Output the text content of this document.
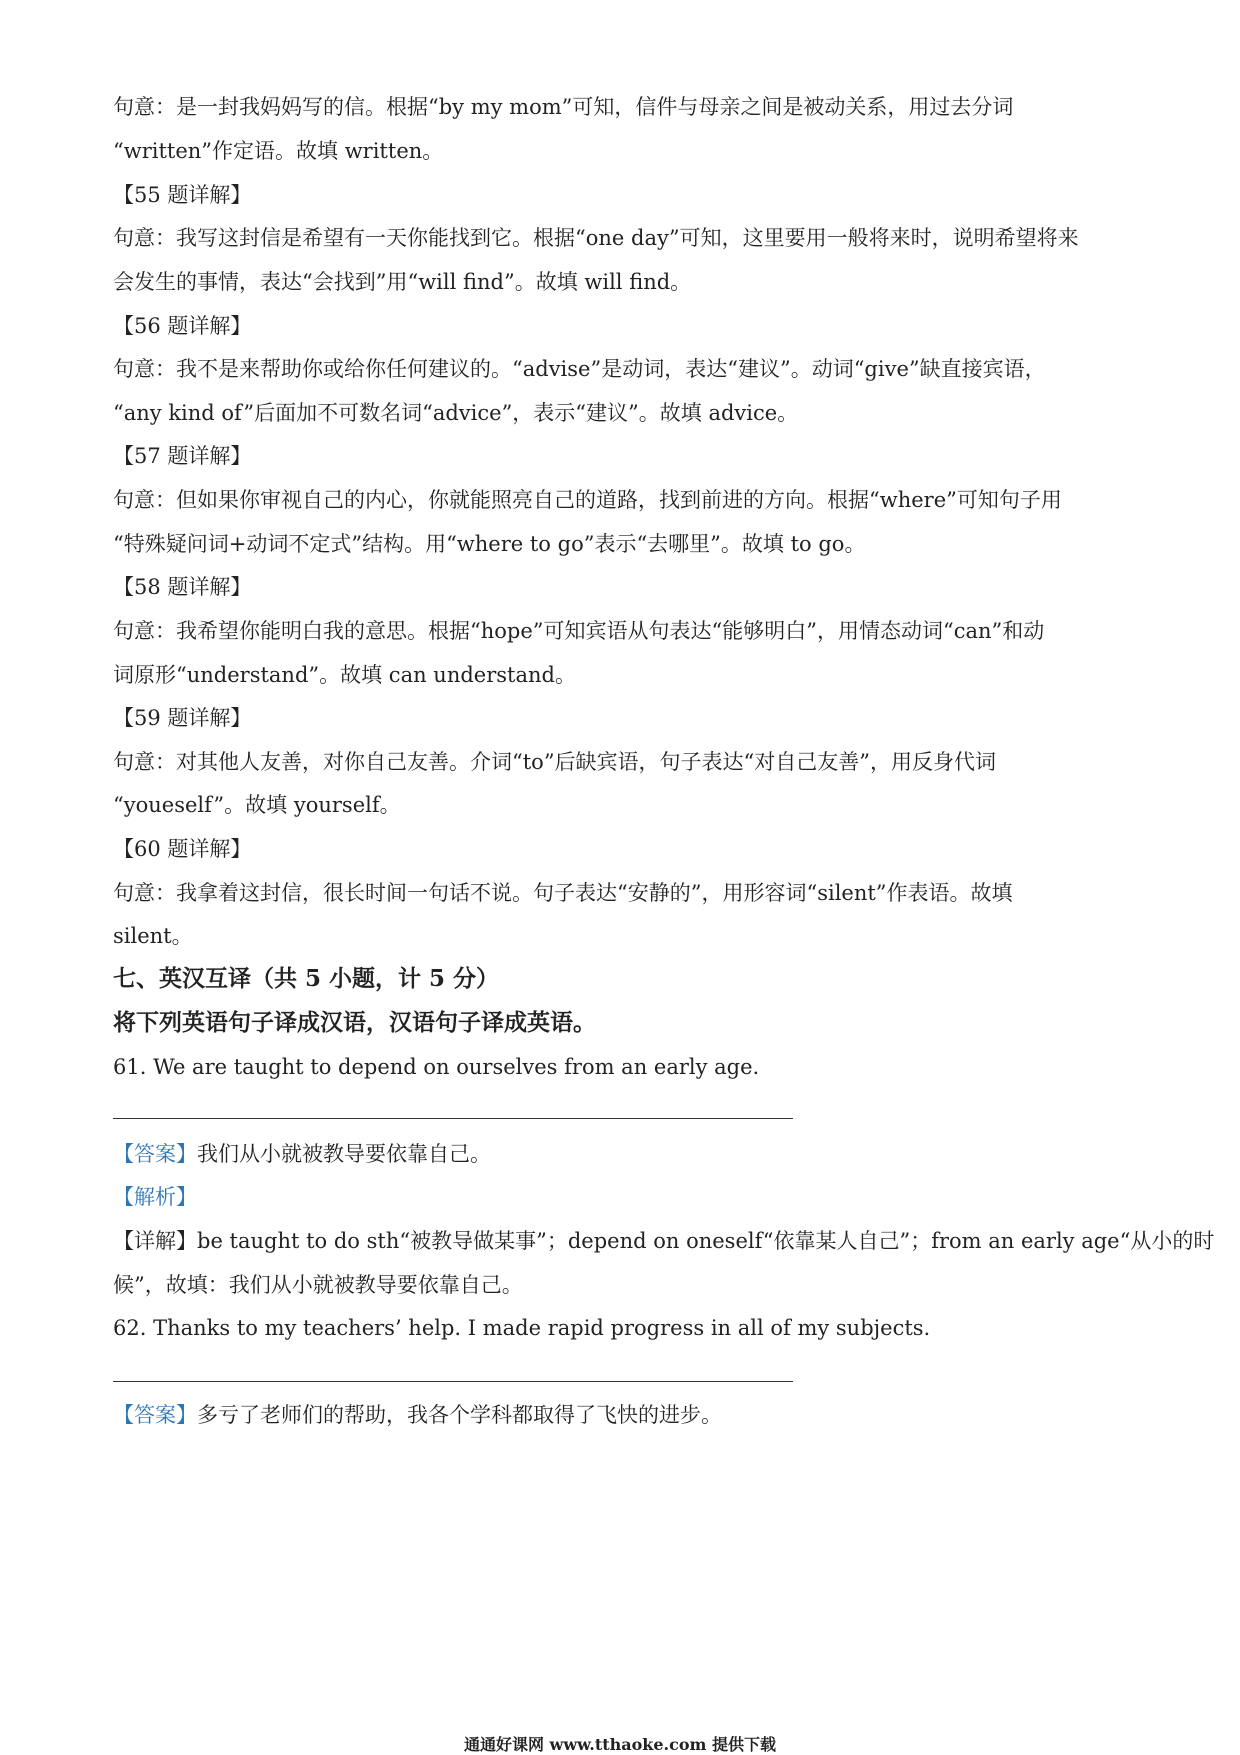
句意：是一封我妈妈写的信。根据“by my mom”可知，信件与母亲之间是被动关系，用过去分词
“written”作定语。故填 written。
【55 题详解】
句意：我写这封信是希望有一天你能找到它。根据“one day”可知，这里要用一般将来时，说明希望将来
会发生的事情，表达“会找到”用“will find”。故填 will find。
【56 题详解】
句意：我不是来帮助你或给你任何建议的。“advise”是动词，表达“建议”。动词“give”缺直接宾语，
“any kind of”后面加不可数名词“advice”，表示“建议”。故填 advice。
【57 题详解】
句意：但如果你审视自己的内心，你就能照亮自己的道路，找到前进的方向。根据“where”可知句子用
“特殊疑问词+动词不定式”结构。用“where to go”表示“去哪里”。故填 to go。
【58 题详解】
句意：我希望你能明白我的意思。根据“hope”可知宾语从句表达“能够明白”，用情态动词“can”和动
词原形“understand”。故填 can understand。
【59 题详解】
句意：对其他人友善，对你自己友善。介词“to”后缺宾语，句子表达“对自己友善”，用反身代词
“youeself”。故填 yourself。
【60 题详解】
句意：我拿着这封信，很长时间一句话不说。句子表达“安静的”，用形容词“silent”作表语。故填
silent。
七、英汉互译（共 5 小题，计 5 分）
将下列英语句子译成汉语，汉语句子译成英语。
61. We are taught to depend on ourselves from an early age.
【答案】我们从小就被教导要依靠自己。
【解析】
【详解】be taught to do sth“被教导做某事”；depend on oneself“依靠某人自己”；from an early age“从小的时
候”，故填：我们从小就被教导要依靠自己。
62. Thanks to my teachers’ help. I made rapid progress in all of my subjects.
【答案】多亏了老师们的帮助，我各个学科都取得了飞快的进步。
通通好课网 www.tthaoke.com 提供下载
